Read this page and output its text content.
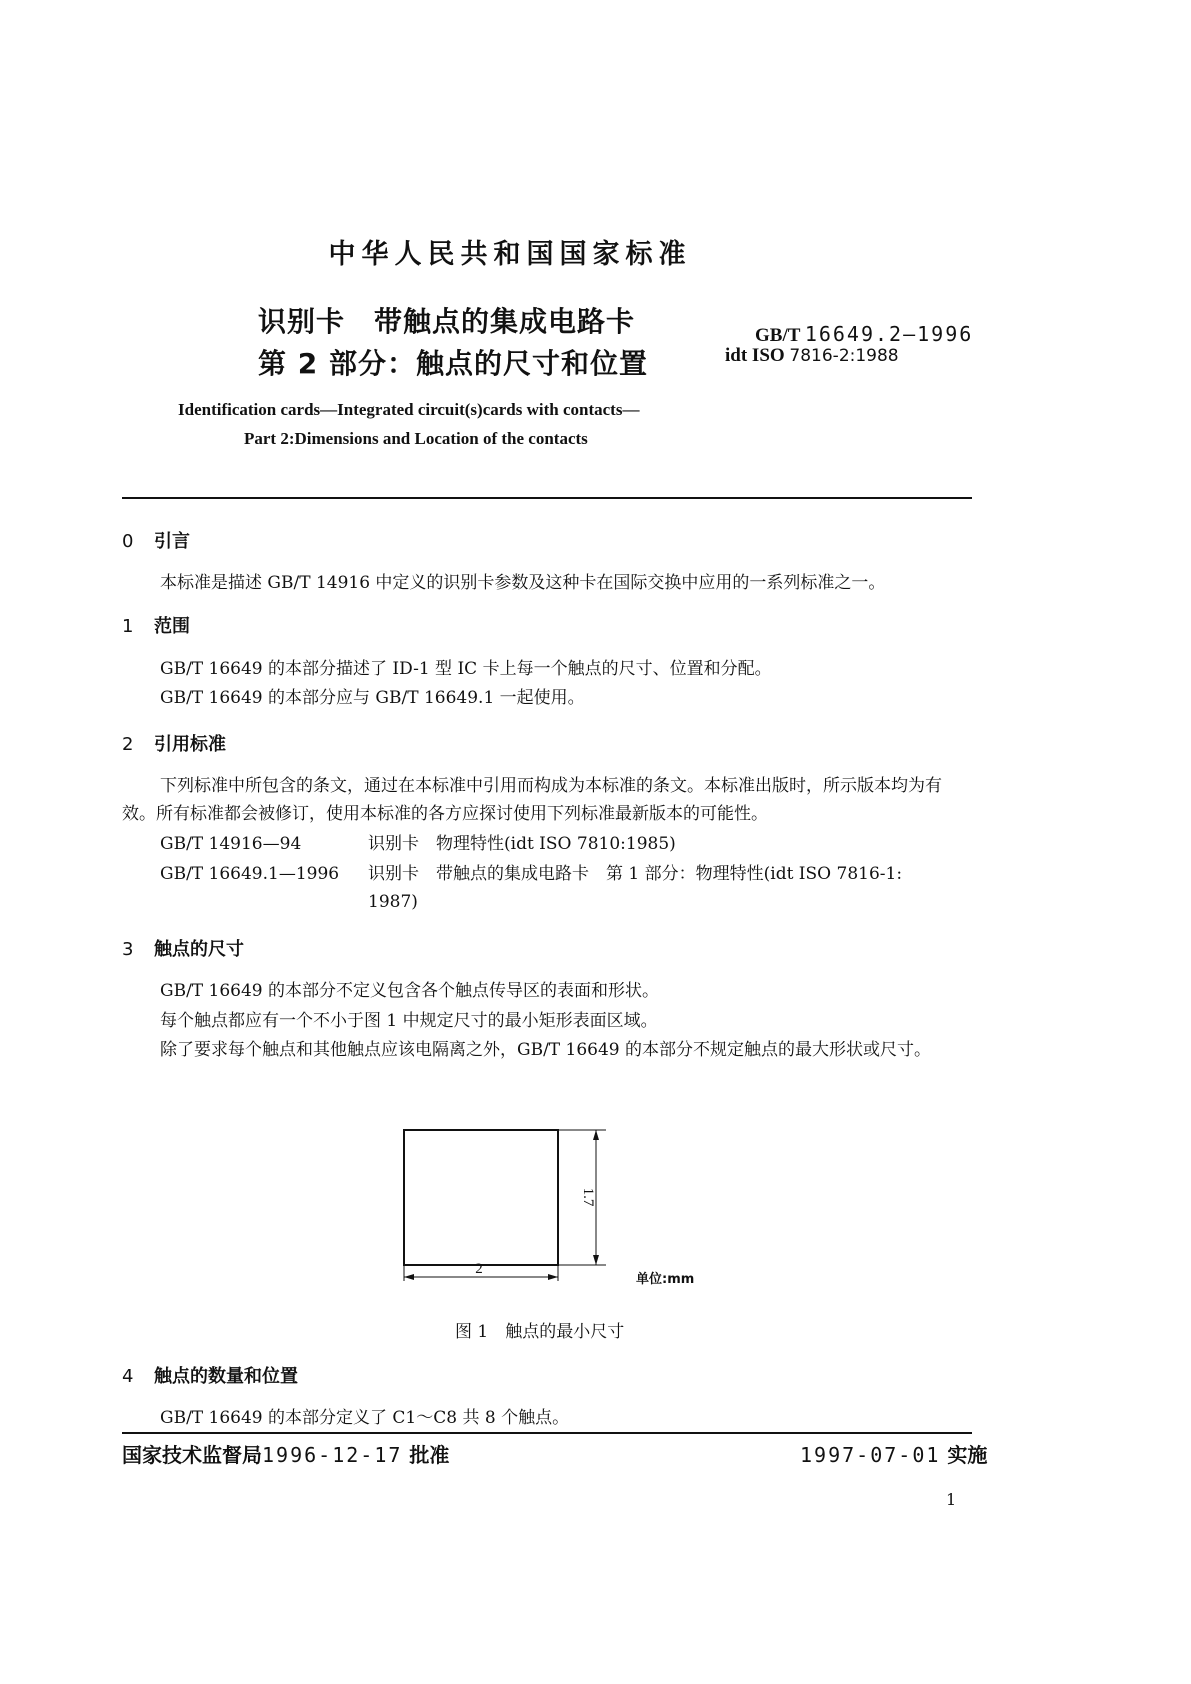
中华人民共和国国家标准
识别卡　带触点的集成电路卡
第 2 部分：触点的尺寸和位置
GB/T 16649.2—1996
idt ISO 7816-2:1988
Identification cards—Integrated circuit(s)cards with contacts—
Part 2:Dimensions and Location of the contacts
0 引言
本标准是描述 GB/T 14916 中定义的识别卡参数及这种卡在国际交换中应用的一系列标准之一。
1 范围
GB/T 16649 的本部分描述了 ID-1 型 IC 卡上每一个触点的尺寸、位置和分配。
GB/T 16649 的本部分应与 GB/T 16649.1 一起使用。
2 引用标准
下列标准中所包含的条文，通过在本标准中引用而构成为本标准的条文。本标准出版时，所示版本均为有效。所有标准都会被修订，使用本标准的各方应探讨使用下列标准最新版本的可能性。
GB/T 14916—94	识别卡　物理特性(idt ISO 7810:1985)
GB/T 16649.1—1996 识别卡　带触点的集成电路卡　第 1 部分：物理特性(idt ISO 7816-1:
1987)
3 触点的尺寸
GB/T 16649 的本部分不定义包含各个触点传导区的表面和形状。
每个触点都应有一个不小于图 1 中规定尺寸的最小矩形表面区域。
除了要求每个触点和其他触点应该电隔离之外，GB/T 16649 的本部分不规定触点的最大形状或尺寸。
1.7
2
单位:mm
图 1　触点的最小尺寸
4 触点的数量和位置
GB/T 16649 的本部分定义了 C1～C8 共 8 个触点。
国家技术监督局1996-12-17 批准	1997-07-01 实施
1
